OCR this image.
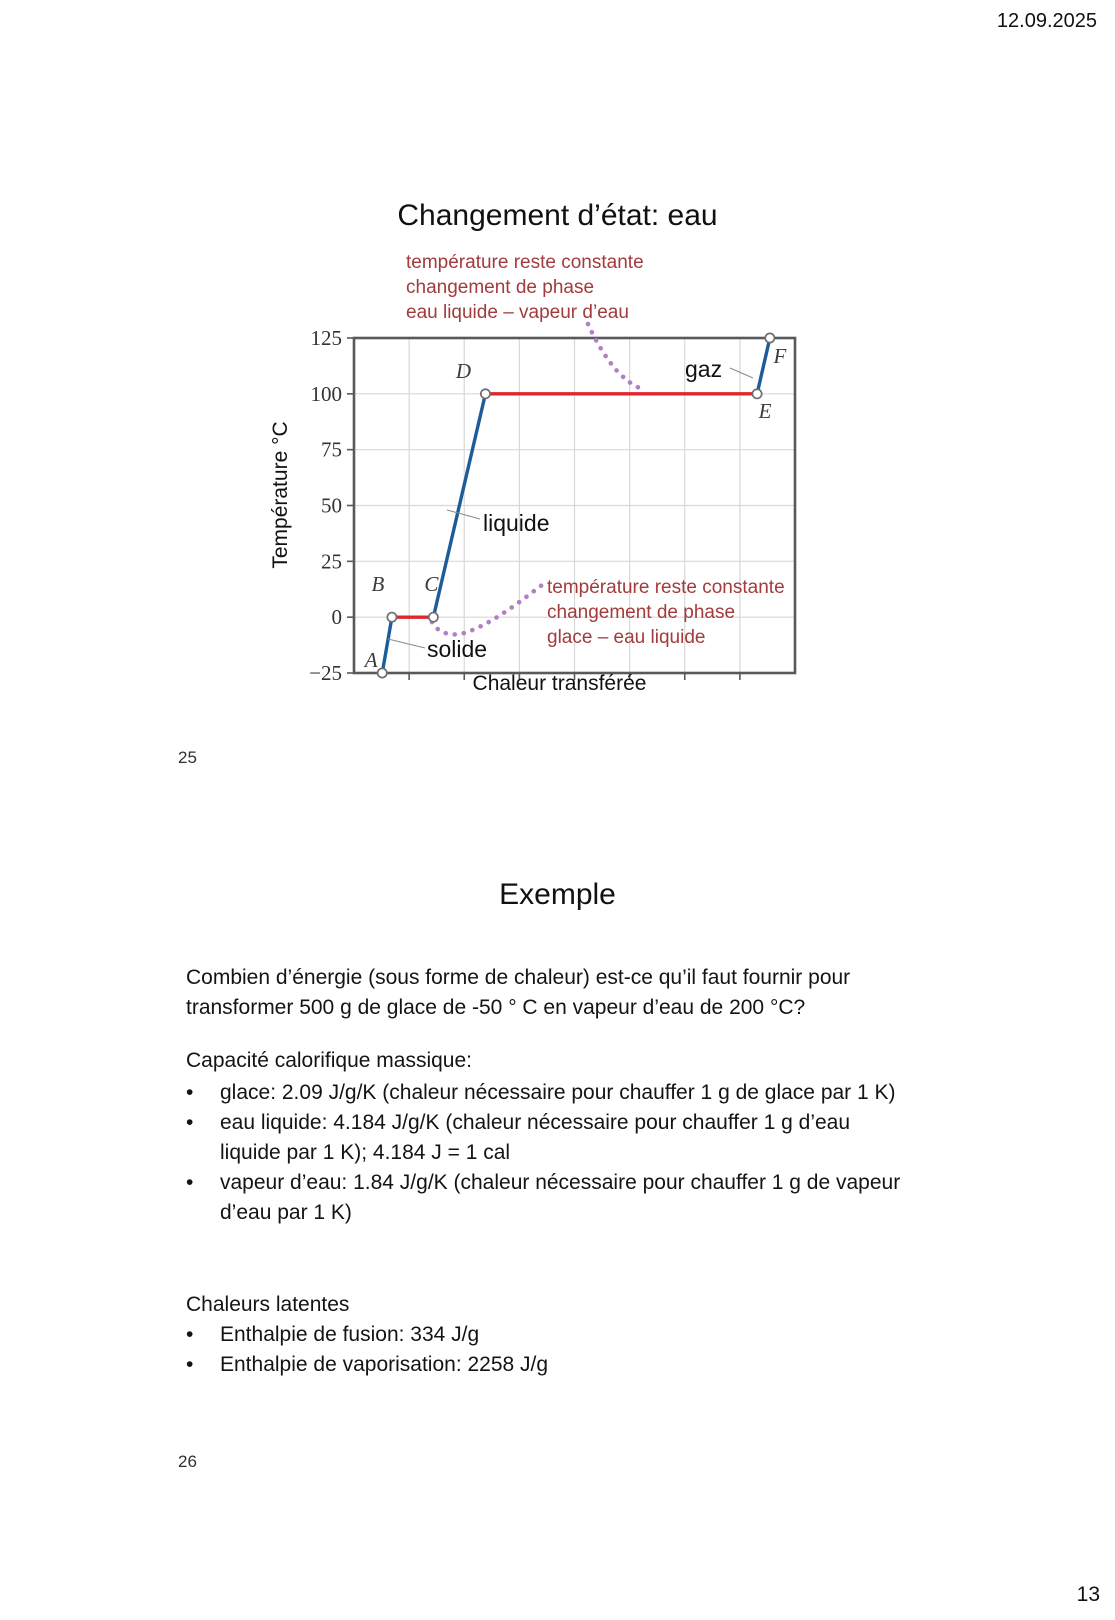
12.09.2025
Changement d’état: eau
température reste constante
changement de phase
eau liquide – vapeur d’eau
125
100
75
50
25
0
−25
solide
liquide
gaz
A
B C
D
E
F
Chaleur transférée
Température °C
température reste constante
changement de phase
glace – eau liquide
25
Exemple
Combien d’énergie (sous forme de chaleur) est-ce qu’il faut fournir pour transformer 500 g de glace de -50 ° C en vapeur d’eau de 200 °C?
Capacité calorifique massique:
•	glace: 2.09 J/g/K (chaleur nécessaire pour chauffer 1 g de glace par 1 K)
•	eau liquide: 4.184 J/g/K (chaleur nécessaire pour chauffer 1 g d’eau liquide par 1 K); 4.184 J = 1 cal
•	vapeur d’eau: 1.84 J/g/K (chaleur nécessaire pour chauffer 1 g de vapeur d’eau par 1 K)
Chaleurs latentes
•	Enthalpie de fusion: 334 J/g
•	Enthalpie de vaporisation: 2258 J/g
26
13
